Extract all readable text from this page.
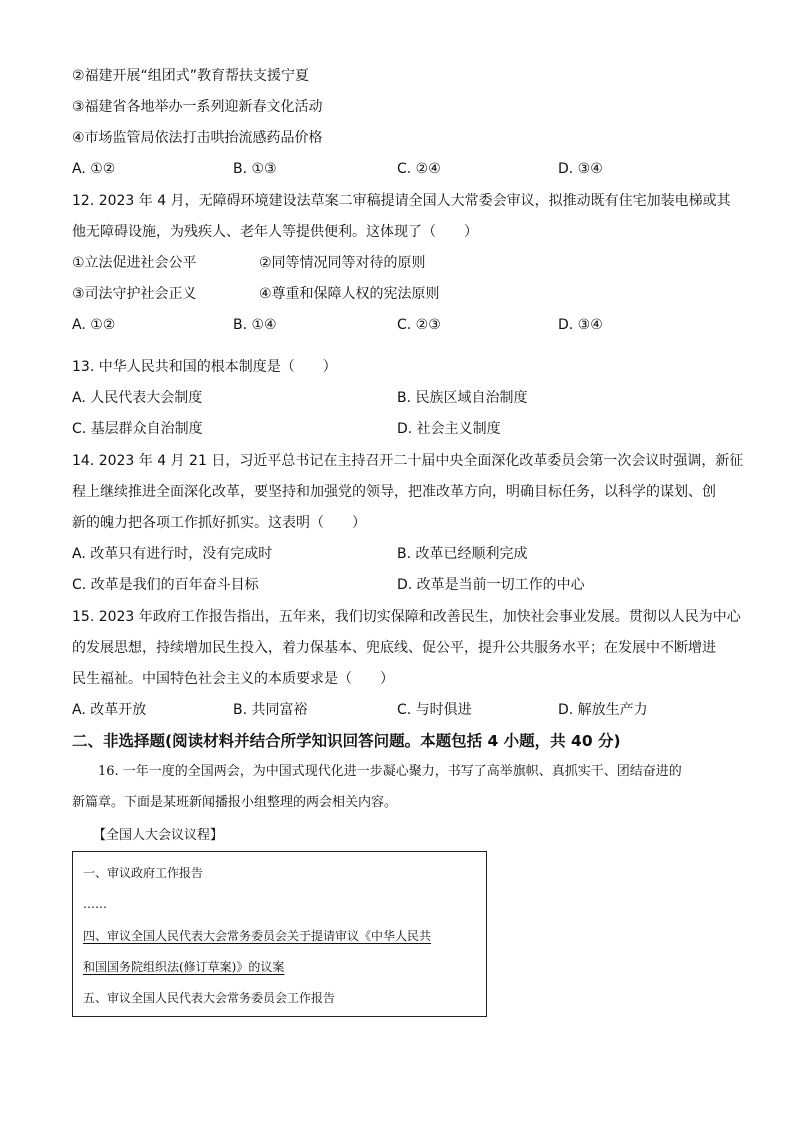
②福建开展“组团式”教育帮扶支援宁夏
③福建省各地举办一系列迎新春文化活动
④市场监管局依法打击哄抬流感药品价格
A. ①②	B. ①③	C. ②④	D. ③④
12. 2023 年 4 月，无障碍环境建设法草案二审稿提请全国人大常委会审议，拟推动既有住宅加装电梯或其
他无障碍设施，为残疾人、老年人等提供便利。这体现了（　　）
①立法促进社会公平	②同等情况同等对待的原则
③司法守护社会正义	④尊重和保障人权的宪法原则
A. ①②	B. ①④	C. ②③	D. ③④
13. 中华人民共和国的根本制度是（　　）
A. 人民代表大会制度	B. 民族区域自治制度
C. 基层群众自治制度	D. 社会主义制度
14. 2023 年 4 月 21 日，习近平总书记在主持召开二十届中央全面深化改革委员会第一次会议时强调，新征
程上继续推进全面深化改革，要坚持和加强党的领导，把准改革方向，明确目标任务，以科学的谋划、创
新的魄力把各项工作抓好抓实。这表明（　　）
A. 改革只有进行时，没有完成时	B. 改革已经顺利完成
C. 改革是我们的百年奋斗目标	D. 改革是当前一切工作的中心
15. 2023 年政府工作报告指出，五年来，我们切实保障和改善民生，加快社会事业发展。贯彻以人民为中心
的发展思想，持续增加民生投入，着力保基本、兜底线、促公平，提升公共服务水平；在发展中不断增进
民生福祉。中国特色社会主义的本质要求是（　　）
A. 改革开放	B. 共同富裕	C. 与时俱进	D. 解放生产力
二、非选择题(阅读材料并结合所学知识回答问题。本题包括 4 小题，共 40 分)
16. 一年一度的全国两会，为中国式现代化进一步凝心聚力，书写了高举旗帜、真抓实干、团结奋进的
新篇章。下面是某班新闻播报小组整理的两会相关内容。
【全国人大会议议程】
一、审议政府工作报告
……
四、审议全国人民代表大会常务委员会关于提请审议《中华人民共
和国国务院组织法(修订草案)》的议案
五、审议全国人民代表大会常务委员会工作报告
